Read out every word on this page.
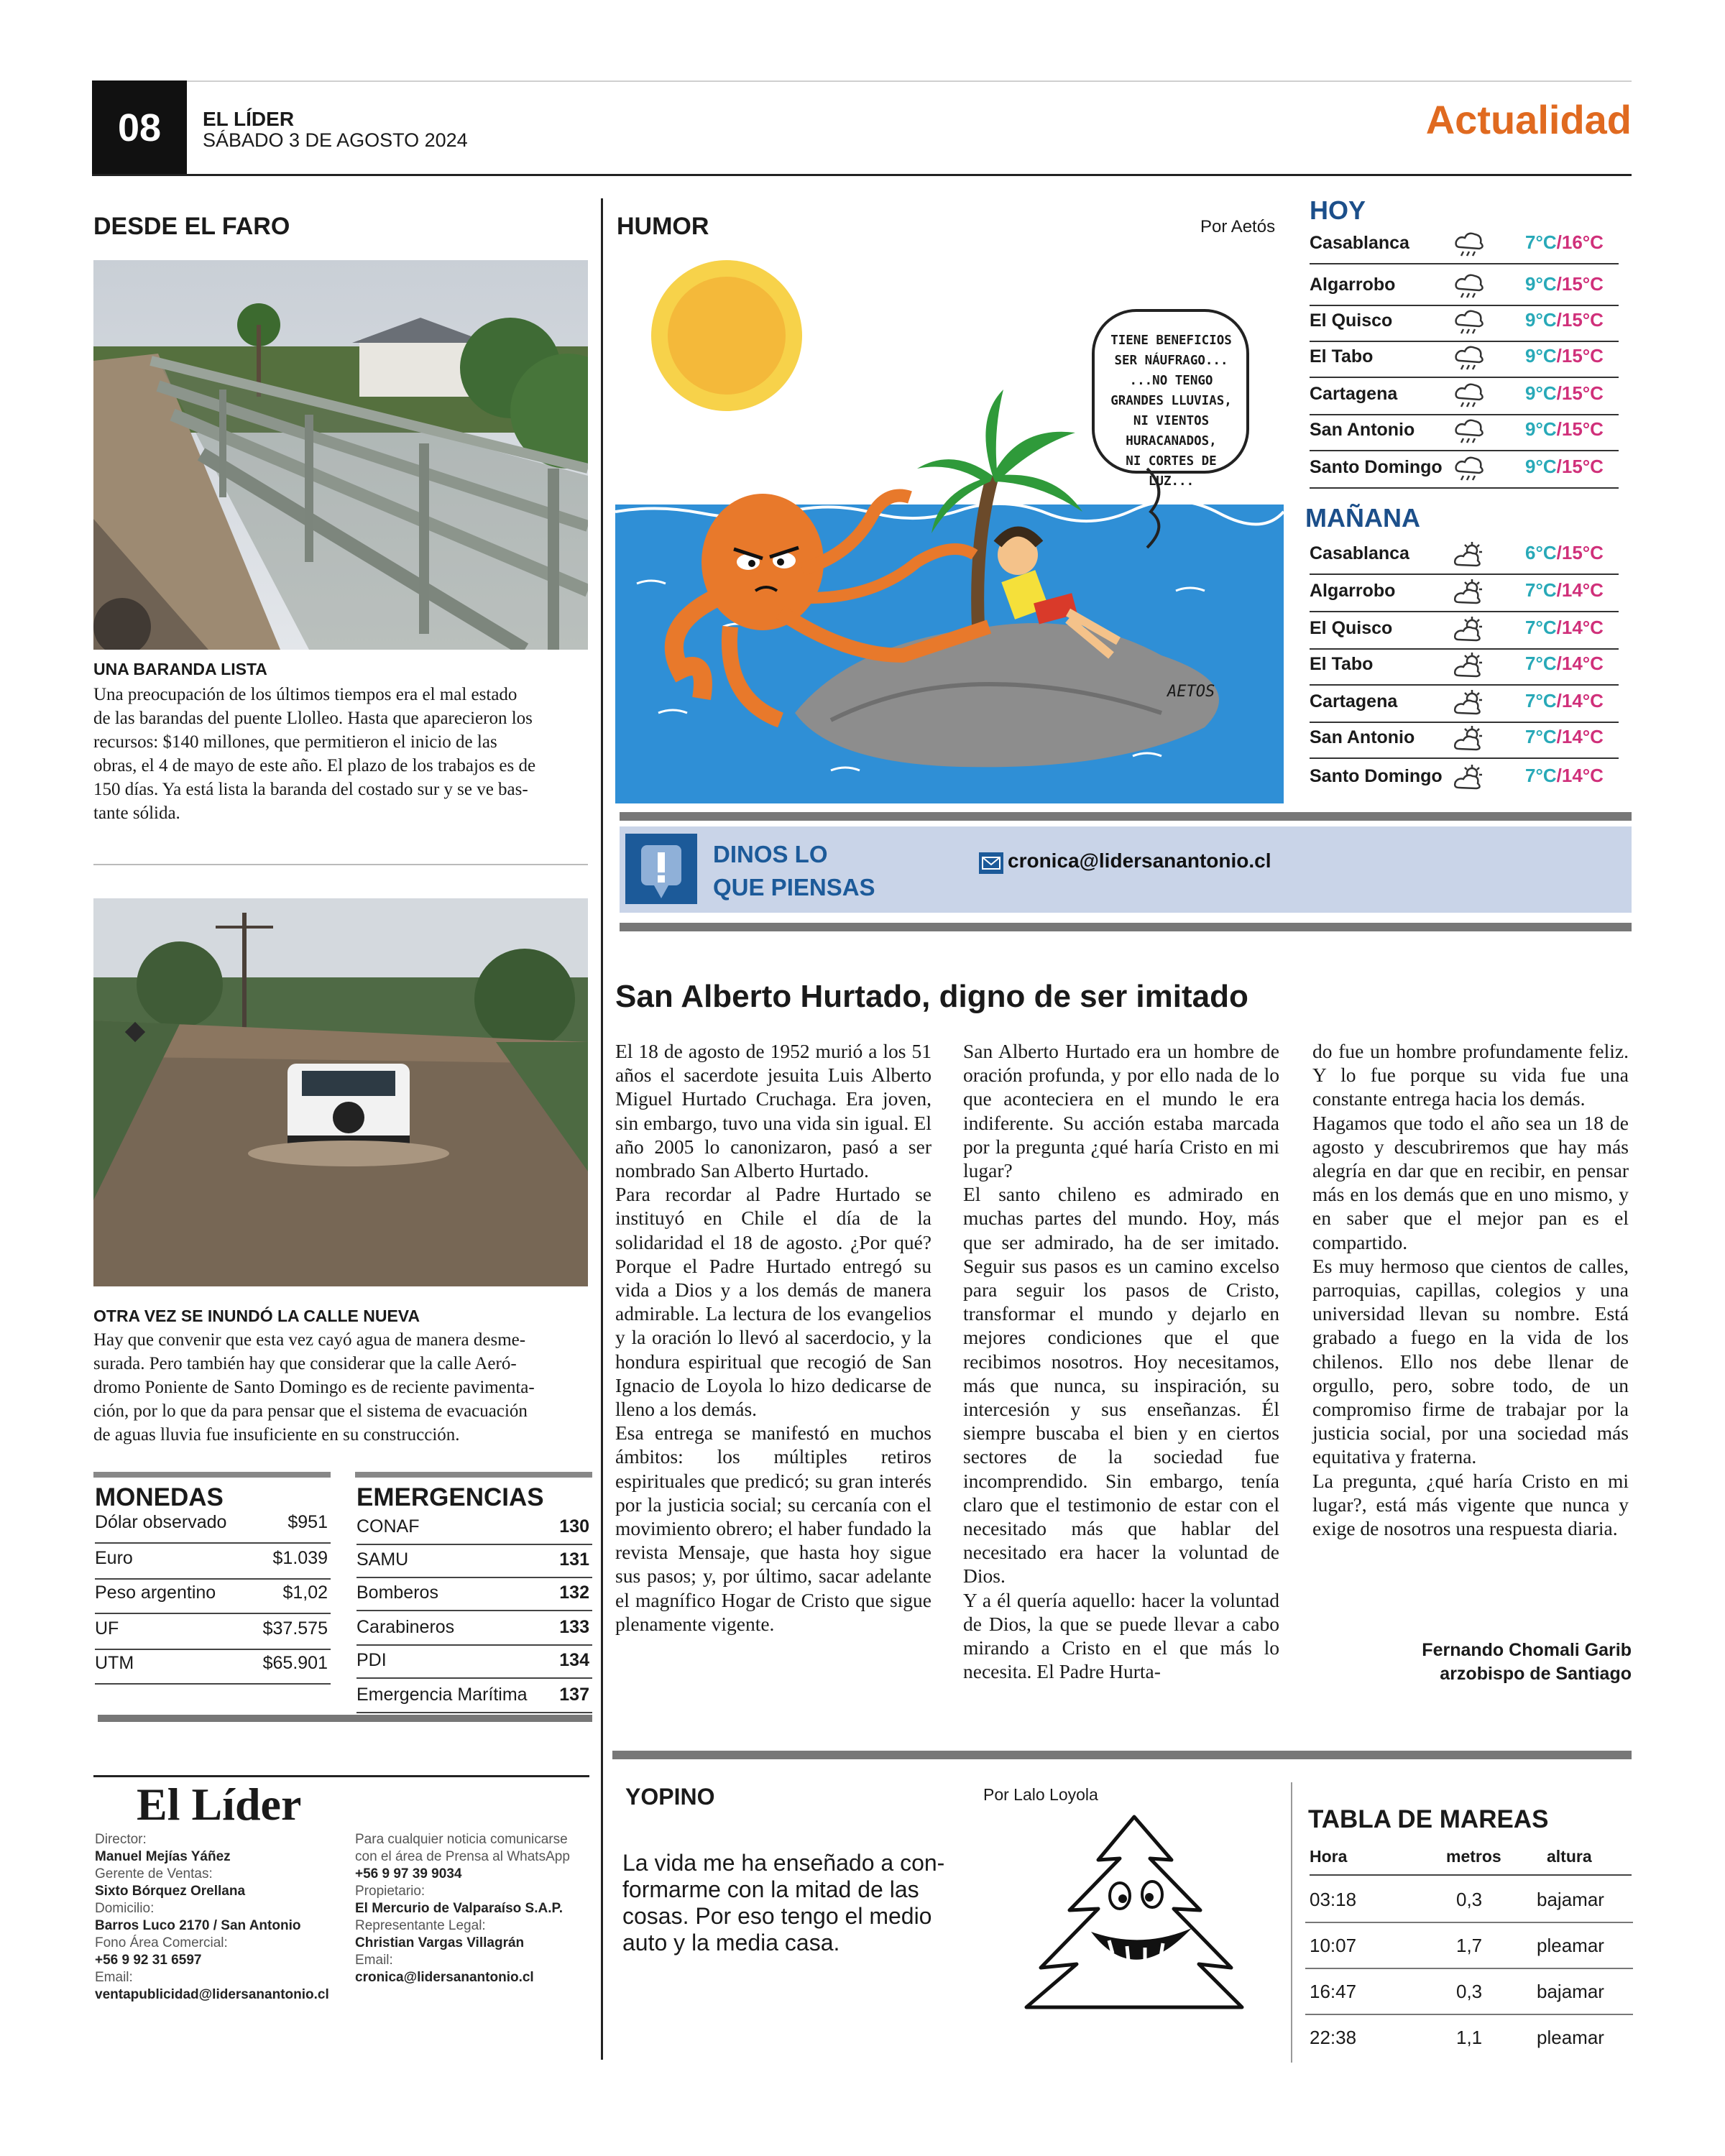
08	EL LÍDER
SÁBADO 3 DE AGOSTO 2024	Actualidad
DESDE EL FARO
UNA BARANDA LISTA
Una preocupación de los últimos tiempos era el mal estado
de las barandas del puente Llolleo. Hasta que aparecieron los
recursos: $140 millones, que permitieron el inicio de las
obras, el 4 de mayo de este año. El plazo de los trabajos es de
150 días. Ya está lista la baranda del costado sur y se ve bas-
tante sólida.
OTRA VEZ SE INUNDÓ LA CALLE NUEVA
Hay que convenir que esta vez cayó agua de manera desme-
surada. Pero también hay que considerar que la calle Aeró-
dromo Poniente de Santo Domingo es de reciente pavimenta-
ción, por lo que da para pensar que el sistema de evacuación
de aguas lluvia fue insuficiente en su construcción.
MONEDAS
Dólar observado	$951
Euro	$1.039
Peso argentino	$1,02
UF	$37.575
UTM	$65.901
EMERGENCIAS
CONAF	130
SAMU	131
Bomberos	132
Carabineros	133
PDI	134
Emergencia Marítima 137
El Líder
Director:
Manuel Mejías Yáñez
Gerente de Ventas:
Sixto Bórquez Orellana
Domicilio:
Barros Luco 2170 / San Antonio
Fono Área Comercial:
+56 9 92 31 6597
Email:
ventapublicidad@lidersanantonio.cl
Para cualquier noticia comunicarse
con el área de Prensa al WhatsApp
+56 9 97 39 9034
Propietario:
El Mercurio de Valparaíso S.A.P.
Representante Legal:
Christian Vargas Villagrán
Email:
cronica@lidersanantonio.cl
HUMOR	Por Aetós
TIENE BENEFICIOS
SER NÁUFRAGO...
...NO TENGO
GRANDES LLUVIAS,
NI VIENTOS
HURACANADOS,
NI CORTES DE LUZ...
AETOS
HOY
Casablanca	7°C/16°C
Algarrobo	9°C/15°C
El Quisco	9°C/15°C
El Tabo	9°C/15°C
Cartagena	9°C/15°C
San Antonio	9°C/15°C
Santo Domingo	9°C/15°C
MAÑANA
Casablanca	6°C/15°C
Algarrobo	7°C/14°C
El Quisco	7°C/14°C
El Tabo	7°C/14°C
Cartagena	7°C/14°C
San Antonio	7°C/14°C
Santo Domingo	7°C/14°C
DINOS LO
QUE PIENSAS
cronica@lidersanantonio.cl
San Alberto Hurtado, digno de ser imitado

El 18 de agosto de 1952 murió a los 51 años el sacerdote jesuita Luis Alberto Miguel Hurtado Cruchaga. Era joven, sin embargo, tuvo una vida sin igual. El año 2005 lo canonizaron, pasó a ser nombrado San Alberto Hurtado.

Para recordar al Padre Hurtado se instituyó en Chile el día de la solidaridad el 18 de agosto. ¿Por qué? Porque el Padre Hurtado entregó su vida a Dios y a los demás de manera admirable. La lectura de los evangelios y la oración lo llevó al sacerdocio, y la hondura espiritual que recogió de San Ignacio de Loyola lo hizo dedicarse de lleno a los demás.

Esa entrega se manifestó en muchos ámbitos: los múltiples retiros espirituales que predicó; su gran interés por la justicia social; su cercanía con el movimiento obrero; el haber fundado la revista Mensaje, que hasta hoy sigue sus pasos; y, por último, sacar adelante el magnífico Hogar de Cristo que sigue plenamente vigente.

San Alberto Hurtado era un hombre de oración profunda, y por ello nada de lo que aconteciera en el mundo le era indiferente. Su acción estaba marcada por la pregunta ¿qué haría Cristo en mi lugar?

El santo chileno es admirado en muchas partes del mundo. Hoy, más que ser admirado, ha de ser imitado. Seguir sus pasos es un camino excelso para seguir los pasos de Cristo, transformar el mundo y dejarlo en mejores condiciones que el que recibimos nosotros. Hoy necesitamos, más que nunca, su inspiración, su intercesión y sus enseñanzas. Él siempre buscaba el bien y en ciertos sectores de la sociedad fue incomprendido. Sin embargo, tenía claro que el testimonio de estar con el necesitado más que hablar del necesitado era hacer la voluntad de Dios.

Y a él quería aquello: hacer la voluntad de Dios, la que se puede llevar a cabo mirando a Cristo en el que más lo necesita. El Padre Hurta-

do fue un hombre profundamente feliz. Y lo fue porque su vida fue una constante entrega hacia los demás.

Hagamos que todo el año sea un 18 de agosto y descubriremos que hay más alegría en dar que en recibir, en pensar más en los demás que en uno mismo, y en saber que el mejor pan es el compartido.

Es muy hermoso que cientos de calles, parroquias, capillas, colegios y una universidad llevan su nombre. Está grabado a fuego en la vida de los chilenos. Ello nos debe llenar de orgullo, pero, sobre todo, de un compromiso firme de trabajar por la justicia social, por una sociedad más equitativa y fraterna.

La pregunta, ¿qué haría Cristo en mi lugar?, está más vigente que nunca y exige de nosotros una respuesta diaria.

Fernando Chomali Garib
arzobispo de Santiago
YOPINO	Por Lalo Loyola
La vida me ha enseñado a con-
formarme con la mitad de las
cosas. Por eso tengo el medio
auto y la media casa.
TABLA DE MAREAS
Hora	metros	altura
03:18	0,3	bajamar
10:07	1,7	pleamar
16:47	0,3	bajamar
22:38	1,1	pleamar
